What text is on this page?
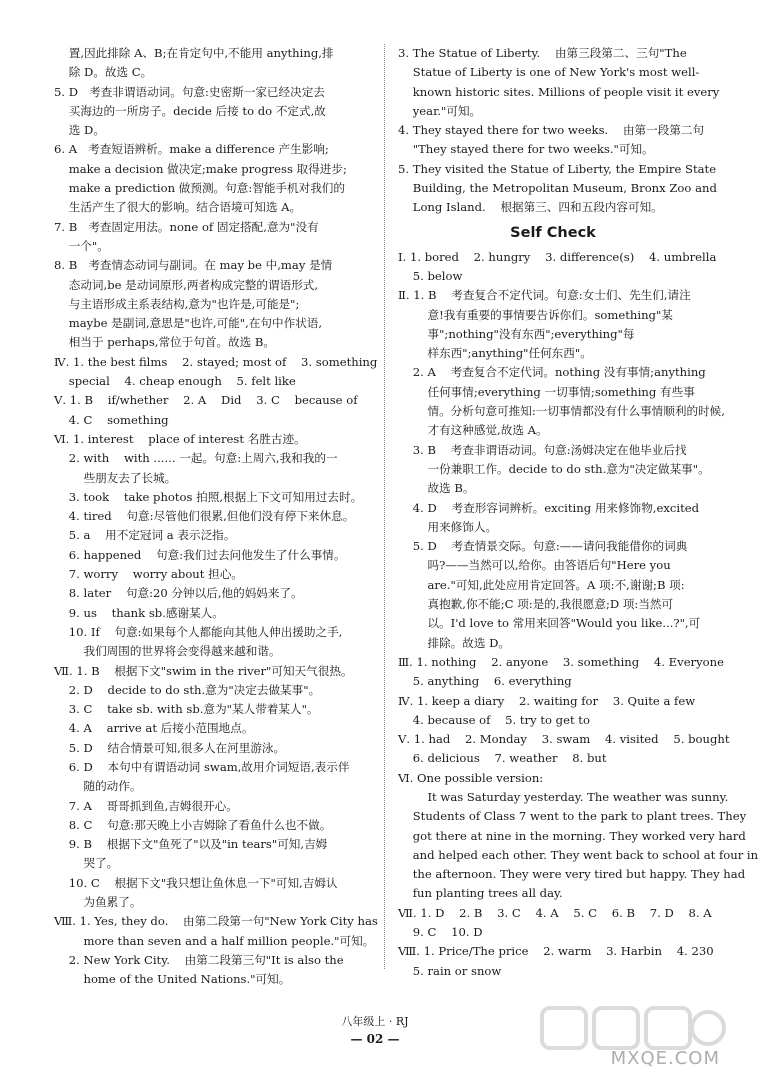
置,因此排除 A、B;在肯定句中,不能用 anything,排
除 D。故选 C。
5. D   考查非谓语动词。句意:史密斯一家已经决定去
买海边的一所房子。decide 后接 to do 不定式,故
选 D。
6. A   考查短语辨析。make a difference 产生影响;
make a decision 做决定;make progress 取得进步;
make a prediction 做预测。句意:智能手机对我们的
生活产生了很大的影响。结合语境可知选 A。
7. B   考查固定用法。none of 固定搭配,意为"没有
一个"。
8. B   考查情态动词与副词。在 may be 中,may 是情
态动词,be 是动词原形,两者构成完整的谓语形式,
与主语形成主系表结构,意为"也许是,可能是";
maybe 是副词,意思是"也许,可能",在句中作状语,
相当于 perhaps,常位于句首。故选 B。
Ⅳ. 1. the best films    2. stayed; most of    3. something
special    4. cheap enough    5. felt like
Ⅴ. 1. B    if/whether    2. A    Did    3. C    because of
4. C    something
Ⅵ. 1. interest    place of interest 名胜古迹。
2. with    with ...... 一起。句意:上周六,我和我的一
些朋友去了长城。
3. took    take photos 拍照,根据上下文可知用过去时。
4. tired    句意:尽管他们很累,但他们没有停下来休息。
5. a    用不定冠词 a 表示泛指。
6. happened    句意:我们过去问他发生了什么事情。
7. worry    worry about 担心。
8. later    句意:20 分钟以后,他的妈妈来了。
9. us    thank sb.感谢某人。
10. If    句意:如果每个人都能向其他人伸出援助之手,
我们周围的世界将会变得越来越和谐。
Ⅶ. 1. B    根据下文"swim in the river"可知天气很热。
2. D    decide to do sth.意为"决定去做某事"。
3. C    take sb. with sb.意为"某人带着某人"。
4. A    arrive at 后接小范围地点。
5. D    结合情景可知,很多人在河里游泳。
6. D    本句中有谓语动词 swam,故用介词短语,表示伴
随的动作。
7. A    哥哥抓到鱼,吉姆很开心。
8. C    句意:那天晚上小吉姆除了看鱼什么也不做。
9. B    根据下文"鱼死了"以及"in tears"可知,吉姆
哭了。
10. C    根据下文"我只想让鱼休息一下"可知,吉姆认
为鱼累了。
Ⅷ. 1. Yes, they do.    由第二段第一句"New York City has
more than seven and a half million people."可知。
2. New York City.    由第二段第三句"It is also the
home of the United Nations."可知。
3. The Statue of Liberty.    由第三段第二、三句"The
Statue of Liberty is one of New York's most well-
known historic sites. Millions of people visit it every
year."可知。
4. They stayed there for two weeks.    由第一段第二句
"They stayed there for two weeks."可知。
5. They visited the Statue of Liberty, the Empire State
Building, the Metropolitan Museum, Bronx Zoo and
Long Island.    根据第三、四和五段内容可知。
Self Check
Ⅰ. 1. bored    2. hungry    3. difference(s)    4. umbrella
5. below
Ⅱ. 1. B    考查复合不定代词。句意:女士们、先生们,请注
意!我有重要的事情要告诉你们。something"某
事";nothing"没有东西";everything"每
样东西";anything"任何东西"。
2. A    考查复合不定代词。nothing 没有事情;anything
任何事情;everything 一切事情;something 有些事
情。分析句意可推知:一切事情都没有什么事情顺利的时候,
才有这种感觉,故选 A。
3. B    考查非谓语动词。句意:汤姆决定在他毕业后找
一份兼职工作。decide to do sth.意为"决定做某事"。
故选 B。
4. D    考查形容词辨析。exciting 用来修饰物,excited
用来修饰人。
5. D    考查情景交际。句意:——请问我能借你的词典
吗?——当然可以,给你。由答语后句"Here you
are."可知,此处应用肯定回答。A 项:不,谢谢;B 项:
真抱歉,你不能;C 项:是的,我很愿意;D 项:当然可
以。I'd love to 常用来回答"Would you like...?",可
排除。故选 D。
Ⅲ. 1. nothing    2. anyone    3. something    4. Everyone
5. anything    6. everything
Ⅳ. 1. keep a diary    2. waiting for    3. Quite a few
4. because of    5. try to get to
Ⅴ. 1. had    2. Monday    3. swam    4. visited    5. bought
6. delicious    7. weather    8. but
Ⅵ. One possible version:
It was Saturday yesterday. The weather was sunny.
Students of Class 7 went to the park to plant trees. They
got there at nine in the morning. They worked very hard
and helped each other. They went back to school at four in
the afternoon. They were very tired but happy. They had
fun planting trees all day.
Ⅶ. 1. D    2. B    3. C    4. A    5. C    6. B    7. D    8. A
9. C    10. D
Ⅷ. 1. Price/The price    2. warm    3. Harbin    4. 230
5. rain or snow
八年级上 · RJ
— 02 —
MXQE.COM
